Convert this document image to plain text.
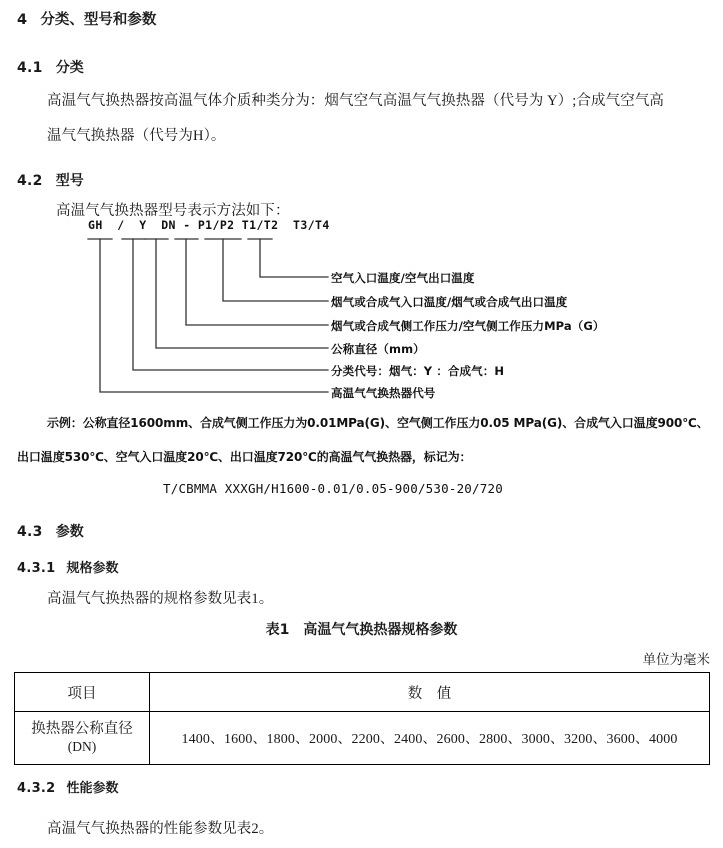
4 分类、型号和参数
4.1 分类
高温气气换热器按高温气体介质种类分为：烟气空气高温气气换热器（代号为 Y）;合成气空气高
温气气换热器（代号为H）。
4.2 型号
高温气气换热器型号表示方法如下：
GH  /  Y  DN - P1/P2 T1/T2  T3/T4
空气入口温度/空气出口温度
烟气或合成气入口温度/烟气或合成气出口温度
烟气或合成气侧工作压力/空气侧工作压力MPa（G）
公称直径（mm）
分类代号：烟气：Y ：合成气：H
高温气气换热器代号
示例：公称直径1600mm、合成气侧工作压力为0.01MPa(G)、空气侧工作压力0.05 MPa(G)、合成气入口温度900℃、
出口温度530℃、空气入口温度20℃、出口温度720℃的高温气气换热器，标记为：
T/CBMMA XXXGH/H1600-0.01/0.05-900/530-20/720
4.3 参数
4.3.1 规格参数
高温气气换热器的规格参数见表1。
表1　高温气气换热器规格参数
单位为毫米
项目	数　值
换热器公称直径
(DN)	1400、1600、1800、2000、2200、2400、2600、2800、3000、3200、3600、4000
4.3.2 性能参数
高温气气换热器的性能参数见表2。
